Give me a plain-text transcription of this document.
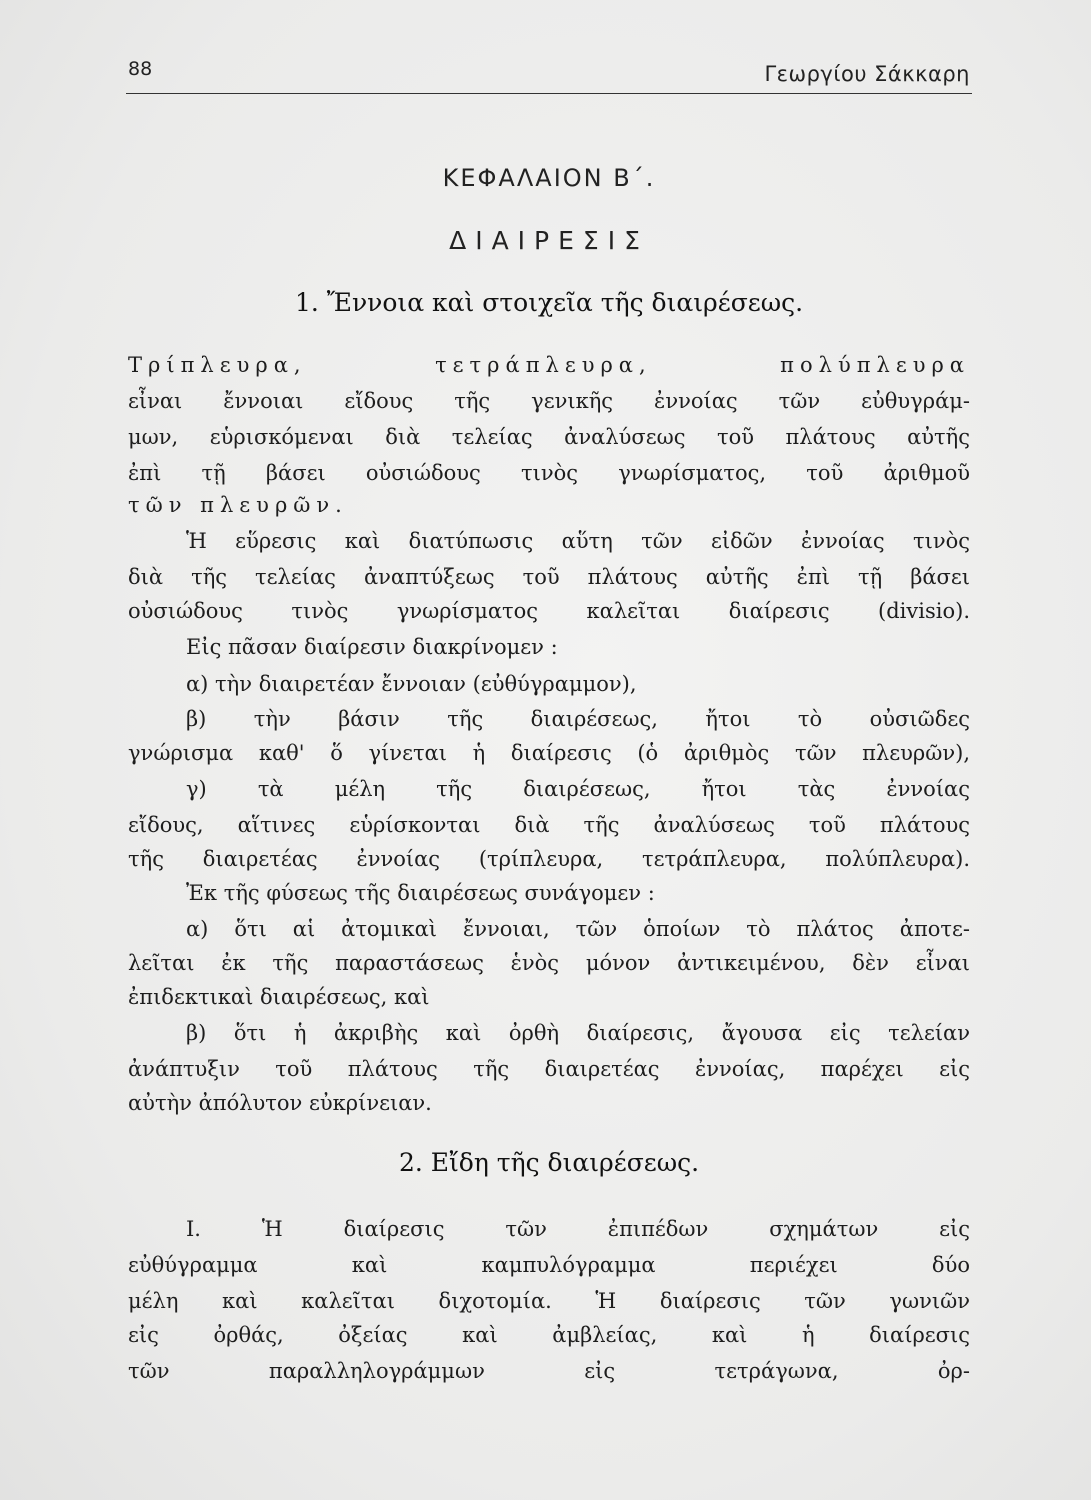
88	Γεωργίου Σάκκαρη
ΚΕΦΑΛΑΙΟΝ Β΄.
ΔΙΑΙΡΕΣΙΣ
1. Ἔννοια καὶ στοιχεῖα τῆς διαιρέσεως.
Τρίπλευρα, τετράπλευρα, πολύπλευρα
εἶναι ἔννοιαι εἴδους τῆς γενικῆς ἐννοίας τῶν εὐθυγράμ-
μων, εὑρισκόμεναι διὰ τελείας ἀναλύσεως τοῦ πλάτους αὐτῆς
ἐπὶ τῇ βάσει οὐσιώδους τινὸς γνωρίσματος, τοῦ ἀριθμοῦ
τῶν πλευρῶν.
Ἡ εὕρεσις καὶ διατύπωσις αὕτη τῶν εἰδῶν ἐννοίας τινὸς
διὰ τῆς τελείας ἀναπτύξεως τοῦ πλάτους αὐτῆς ἐπὶ τῇ βάσει
οὐσιώδους τινὸς γνωρίσματος καλεῖται διαίρεσις (divisio).
Εἰς πᾶσαν διαίρεσιν διακρίνομεν :
α) τὴν διαιρετέαν ἔννοιαν (εὐθύγραμμον),
β) τὴν βάσιν τῆς διαιρέσεως, ἤτοι τὸ οὐσιῶδες
γνώρισμα καθ' ὅ γίνεται ἡ διαίρεσις (ὁ ἀριθμὸς τῶν πλευρῶν),
γ) τὰ μέλη τῆς διαιρέσεως, ἤτοι τὰς ἐννοίας
εἴδους, αἵτινες εὑρίσκονται διὰ τῆς ἀναλύσεως τοῦ πλάτους
τῆς διαιρετέας ἐννοίας (τρίπλευρα, τετράπλευρα, πολύπλευρα).
Ἐκ τῆς φύσεως τῆς διαιρέσεως συνάγομεν :
α) ὅτι αἱ ἀτομικαὶ ἔννοιαι, τῶν ὁποίων τὸ πλάτος ἀποτε-
λεῖται ἐκ τῆς παραστάσεως ἑνὸς μόνον ἀντικειμένου, δὲν εἶναι
ἐπιδεκτικαὶ διαιρέσεως, καὶ
β) ὅτι ἡ ἀκριβὴς καὶ ὀρθὴ διαίρεσις, ἄγουσα εἰς τελείαν
ἀνάπτυξιν τοῦ πλάτους τῆς διαιρετέας ἐννοίας, παρέχει εἰς
αὐτὴν ἀπόλυτον εὐκρίνειαν.
2. Εἴδη τῆς διαιρέσεως.
Ι. Ἡ διαίρεσις τῶν ἐπιπέδων σχημάτων εἰς
εὐθύγραμμα καὶ καμπυλόγραμμα περιέχει δύο
μέλη καὶ καλεῖται διχοτομία. Ἡ διαίρεσις τῶν γωνιῶν
εἰς ὀρθάς, ὀξείας καὶ ἀμβλείας, καὶ ἡ διαίρεσις
τῶν παραλληλογράμμων εἰς τετράγωνα, ὀρ-
